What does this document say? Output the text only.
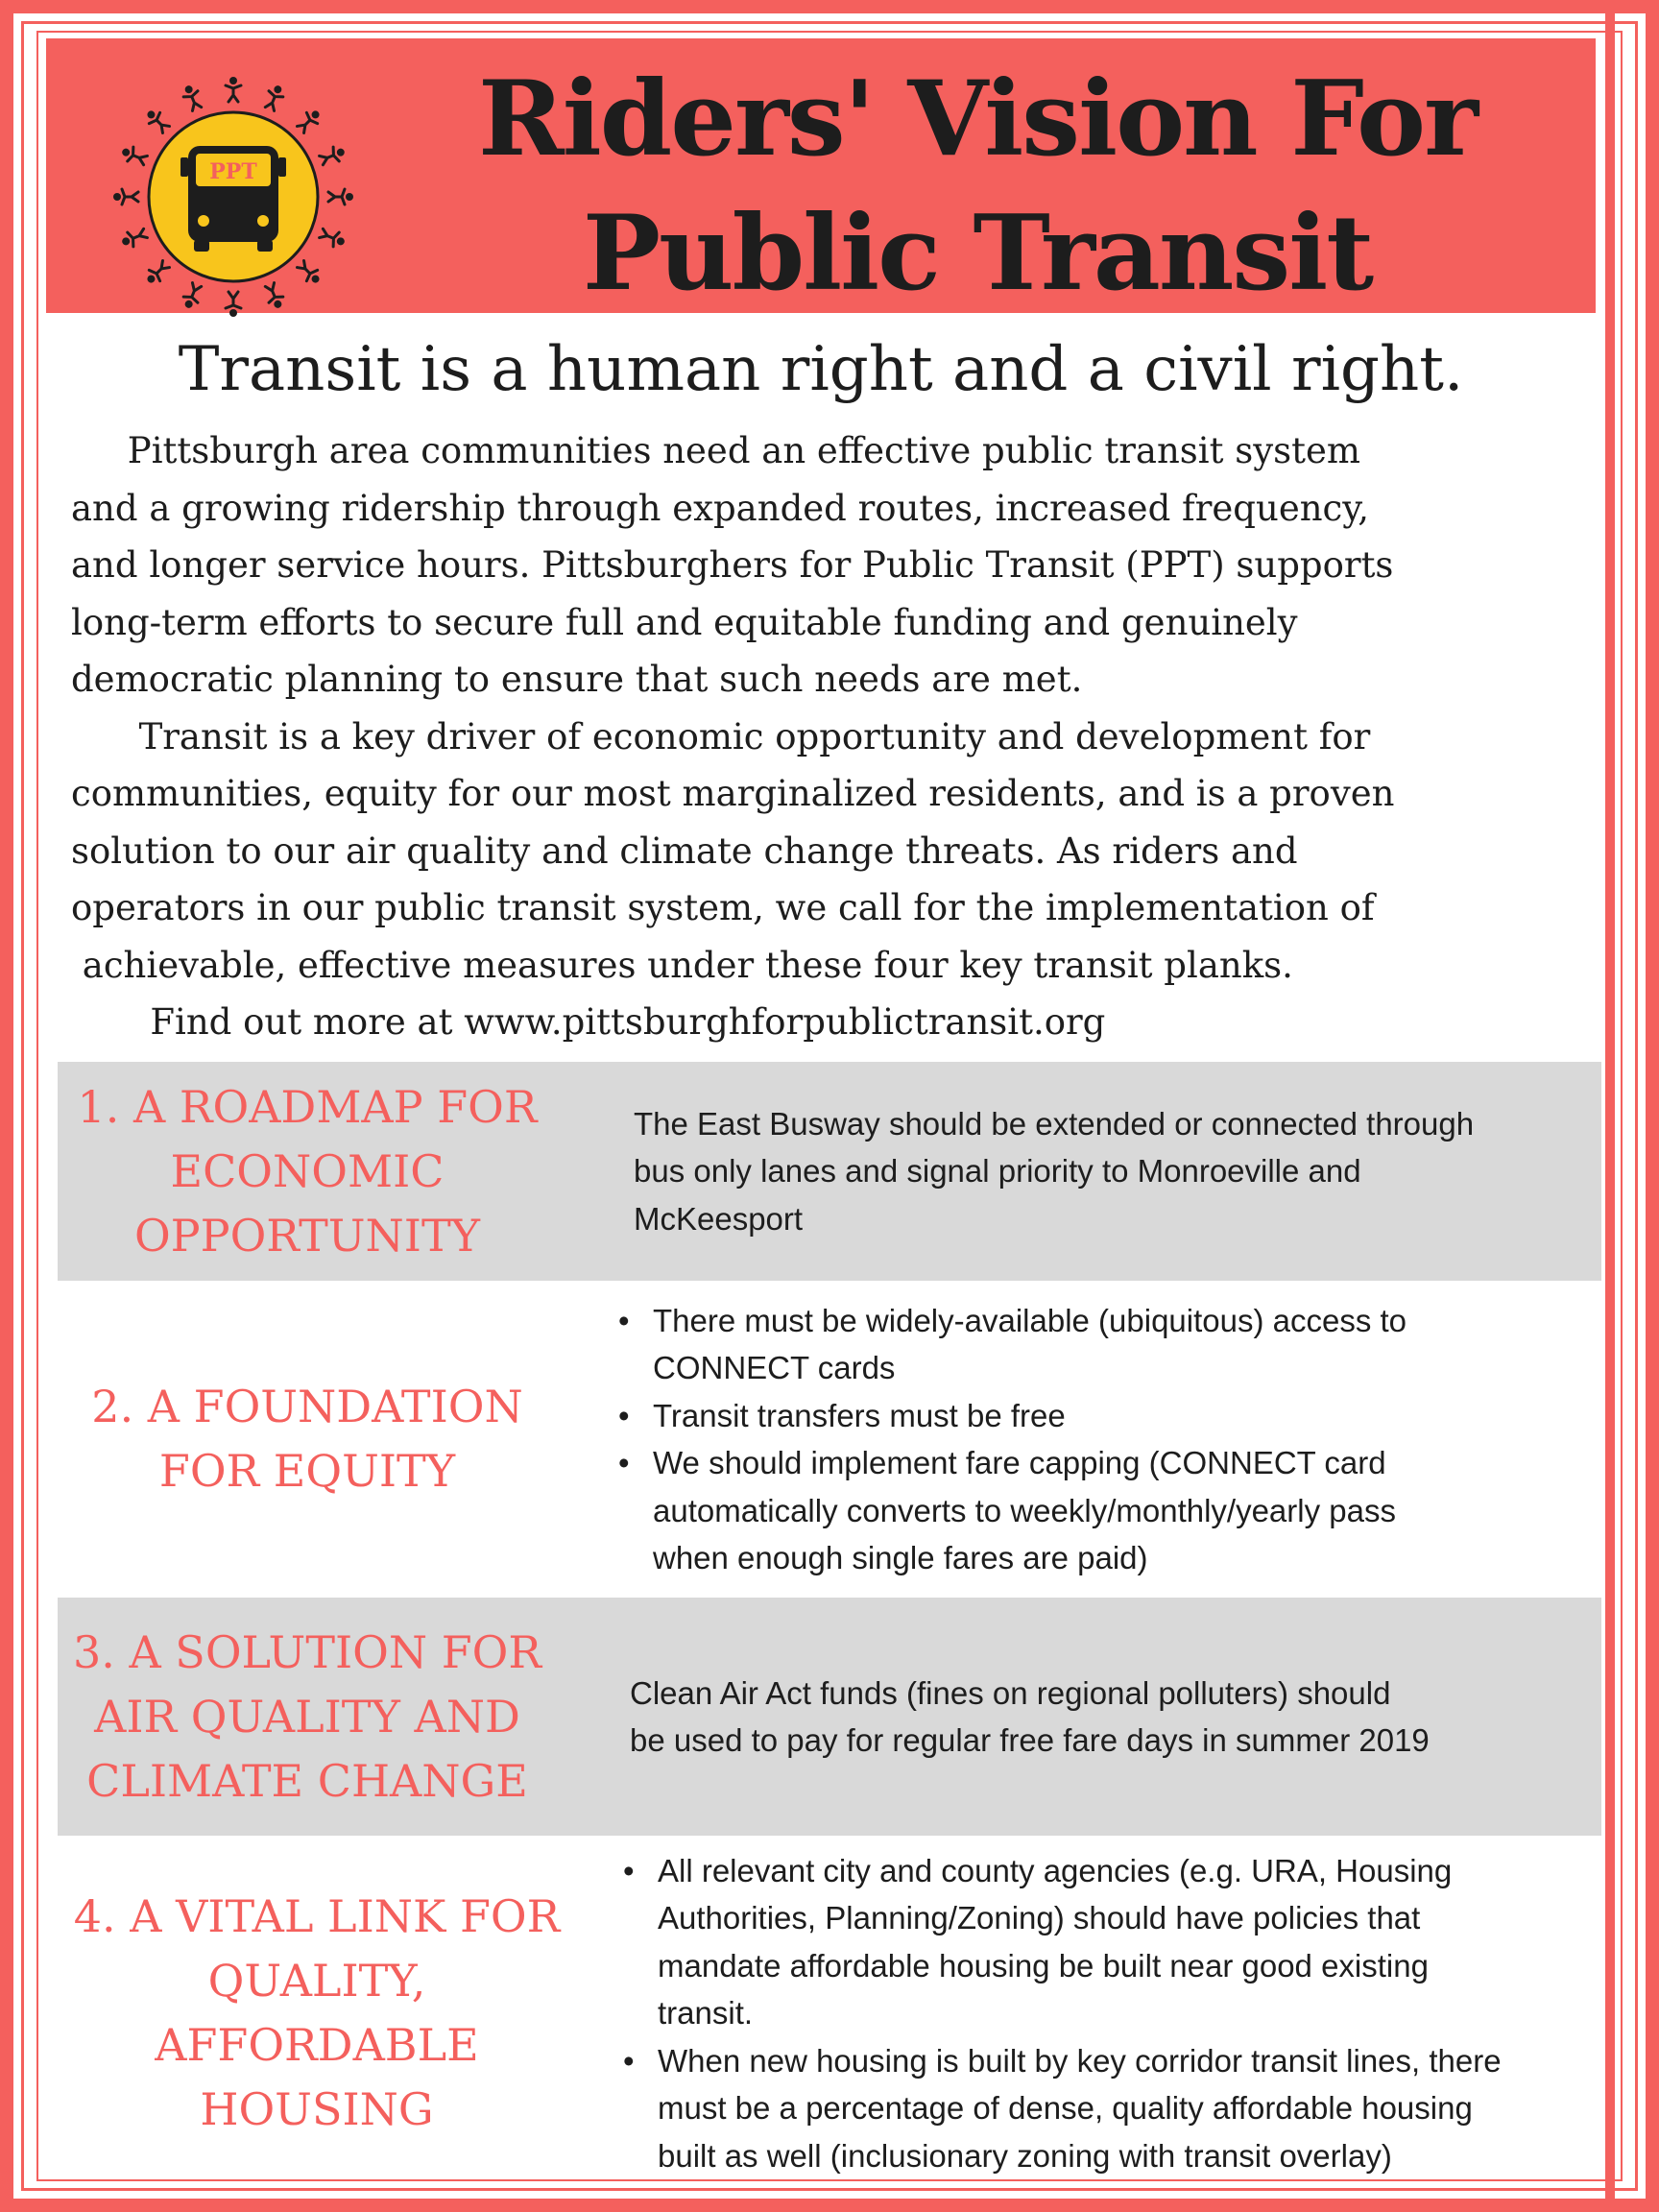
PPT	Riders' Vision For
Public Transit
Transit is a human right and a civil right.
Pittsburgh area communities need an effective public transit system
and a growing ridership through expanded routes, increased frequency,
and longer service hours. Pittsburghers for Public Transit (PPT) supports
long-term efforts to secure full and equitable funding and genuinely
democratic planning to ensure that such needs are met.
Transit is a key driver of economic opportunity and development for
communities, equity for our most marginalized residents, and is a proven
solution to our air quality and climate change threats. As riders and
operators in our public transit system, we call for the implementation of
achievable, effective measures under these four key transit planks.
Find out more at www.pittsburghforpublictransit.org
1. A ROADMAP FOR
ECONOMIC
OPPORTUNITY
The East Busway should be extended or connected through
bus only lanes and signal priority to Monroeville and
McKeesport
2. A FOUNDATION
FOR EQUITY
• There must be widely-available (ubiquitous) access to
CONNECT cards
• Transit transfers must be free
• We should implement fare capping (CONNECT card
automatically converts to weekly/monthly/yearly pass
when enough single fares are paid)
3. A SOLUTION FOR
AIR QUALITY AND
CLIMATE CHANGE
Clean Air Act funds (fines on regional polluters) should
be used to pay for regular free fare days in summer 2019
4. A VITAL LINK FOR
QUALITY,
AFFORDABLE
HOUSING
• All relevant city and county agencies (e.g. URA, Housing
Authorities, Planning/Zoning) should have policies that
mandate affordable housing be built near good existing
transit.
• When new housing is built by key corridor transit lines, there
must be a percentage of dense, quality affordable housing
built as well (inclusionary zoning with transit overlay)
